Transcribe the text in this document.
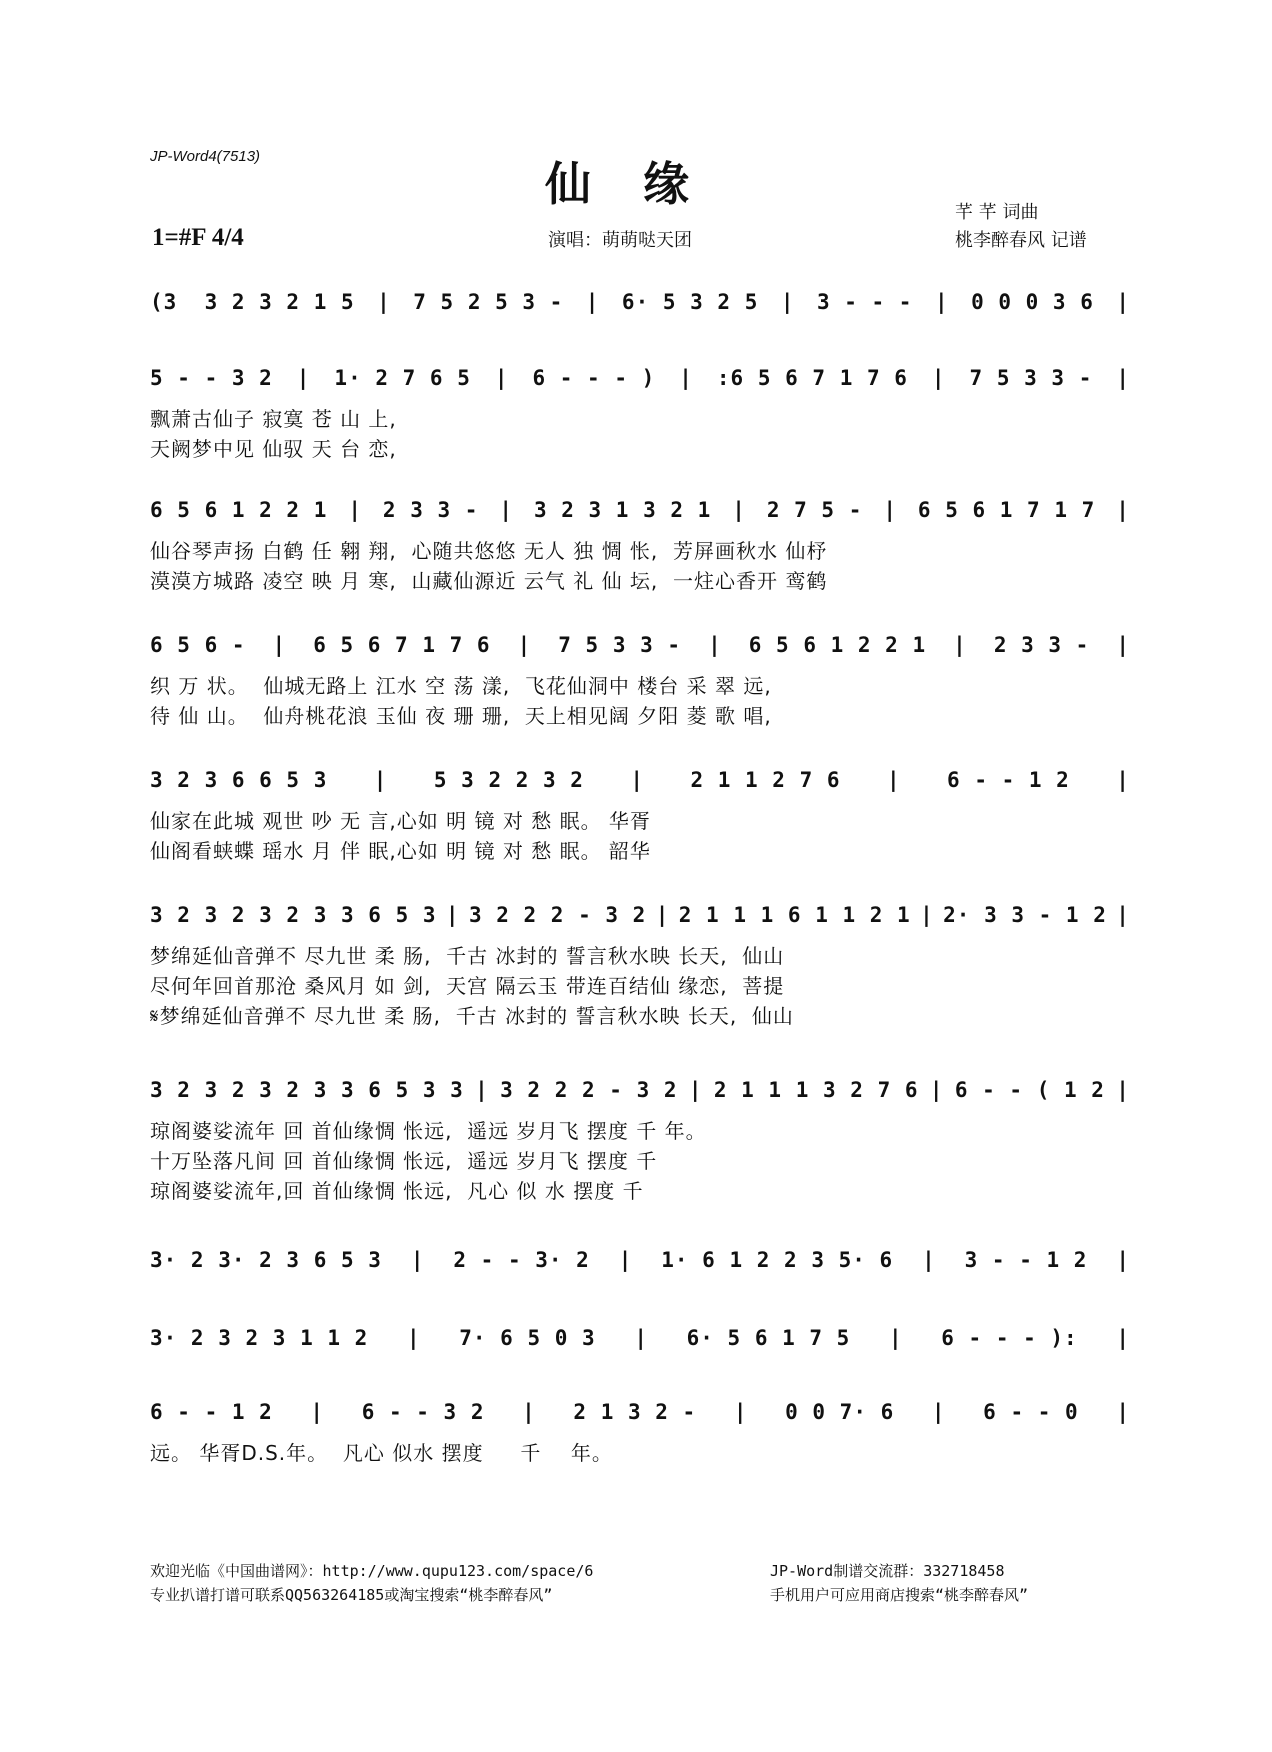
JP-Word4(7513)
仙缘
1=#F 4/4	演唱：萌萌哒天团
芊 芊 词曲
桃李醉春风 记谱
(3  3 2 3 2 1 5 | 7 5 2 5 3 - | 6· 5 3 2 5 | 3 - - - | 0 0 0 3 6 |
5 - - 3 2 | 1· 2 7 6 5 | 6 - - - ) | :6 5 6 7 1 7 6 | 7 5 3 3 - |
飘萧古仙子 寂寞 苍 山 上,
天阙梦中见 仙驭 天 台 恋,
6 5 6 1 2 2 1 | 2 3 3 - | 3 2 3 1 3 2 1 | 2 7 5 - | 6 5 6 1 7 1 7 |
仙谷琴声扬 白鹤 任 翱 翔,  心随共悠悠 无人 独 惆 怅,  芳屏画秋水 仙杼
漠漠方城路 凌空 映 月 寒,  山藏仙源近 云气 礼 仙 坛,  一炷心香开 鸾鹤
6 5 6 - | 6 5 6 7 1 7 6 | 7 5 3 3 - | 6 5 6 1 2 2 1 | 2 3 3 - |
织 万 状。  仙城无路上 江水 空 荡 漾,  飞花仙洞中 楼台 采 翠 远,
待 仙 山。  仙舟桃花浪 玉仙 夜 珊 珊,  天上相见阔 夕阳 菱 歌 唱,
3 2 3 6 6 5 3 | 5 3 2 2 3 2 | 2 1 1 2 7 6 | 6 - - 1 2 |
仙家在此城 观世 吵 无 言,心如 明 镜 对 愁 眠。 华胥
仙阁看蛱蝶 瑶水 月 伴 眠,心如 明 镜 对 愁 眠。 韶华
3 2 3 2 3 2 3 3 6 5 3 | 3 2 2 2 - 3 2 | 2 1 1 1 6 1 1 2 1 | 2· 3 3 - 1 2 |
梦绵延仙音弹不 尽九世 柔 肠,  千古 冰封的 誓言秋水映 长天,  仙山
尽何年回首那沧 桑风月 如 剑,  天宫 隔云玉 带连百结仙 缘恋,  菩提
𝄋梦绵延仙音弹不 尽九世 柔 肠,  千古 冰封的 誓言秋水映 长天,  仙山
3 2 3 2 3 2 3 3 6 5 3 3 | 3 2 2 2 - 3 2 | 2 1 1 1 3 2 7 6 | 6 - - ( 1 2 |
琼阁婆娑流年 回 首仙缘惆 怅远,  遥远 岁月飞 摆度 千 年。
十万坠落凡间 回 首仙缘惆 怅远,  遥远 岁月飞 摆度 千
琼阁婆娑流年,回 首仙缘惆 怅远,  凡心 似 水 摆度 千
3· 2 3· 2 3 6 5 3 | 2 - - 3· 2 | 1· 6 1 2 2 3 5· 6 | 3 - - 1 2 |
3· 2 3 2 3 1 1 2 | 7· 6 5 0 3 | 6· 5 6 1 7 5 | 6 - - - ): |
6 - - 1 2 | 6 - - 3 2 | 2 1 3 2 - | 0 0 7· 6 | 6 - - 0 |
远。 华胥D.S.年。  凡心 似水 摆度     千    年。
欢迎光临《中国曲谱网》：http://www.qupu123.com/space/6
专业扒谱打谱可联系QQ563264185或淘宝搜索“桃李醉春风”
JP-Word制谱交流群：332718458
手机用户可应用商店搜索“桃李醉春风”
